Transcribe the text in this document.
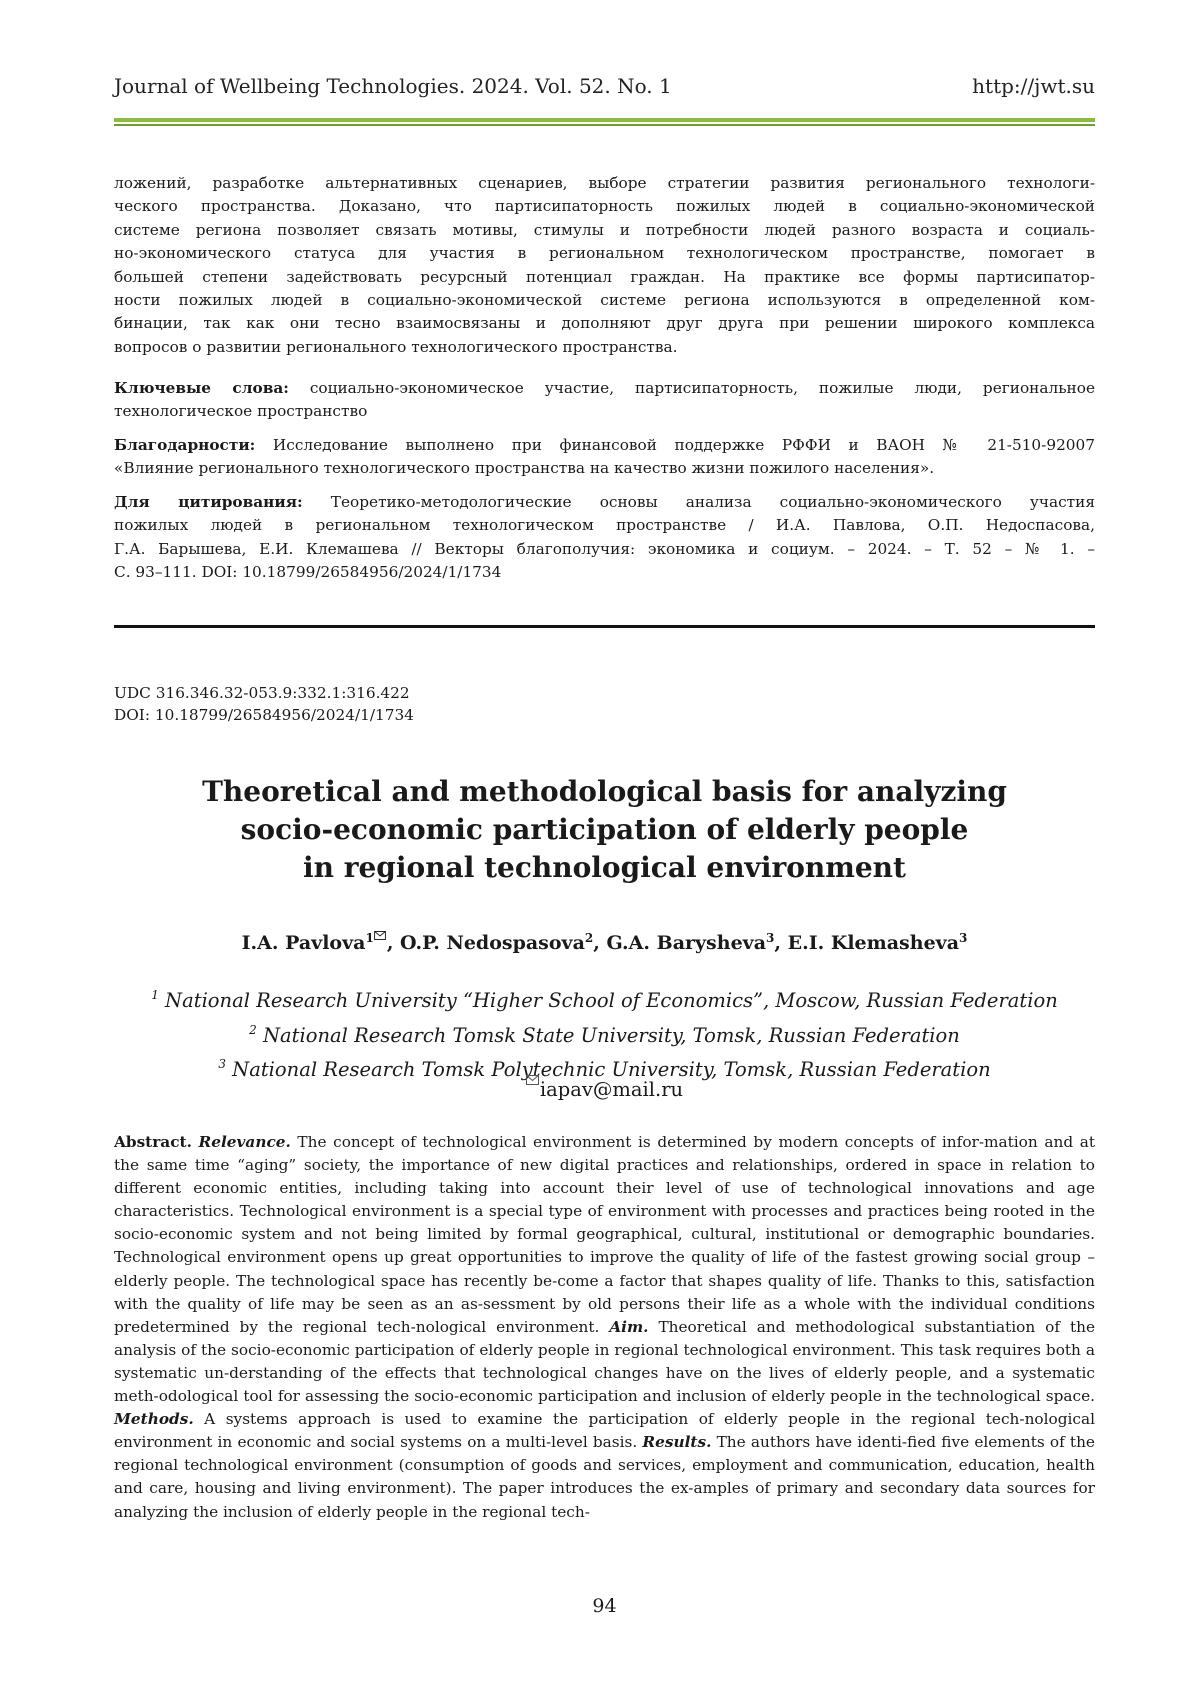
Journal of Wellbeing Technologies. 2024. Vol. 52. No. 1	http://jwt.su
ложений, разработке альтернативных сценариев, выборе стратегии развития регионального технологи-
ческого пространства. Доказано, что партисипаторность пожилых людей в социально-экономической
системе региона позволяет связать мотивы, стимулы и потребности людей разного возраста и социаль-
но-экономического статуса для участия в региональном технологическом пространстве, помогает в
большей степени задействовать ресурсный потенциал граждан. На практике все формы партисипатор-
ности пожилых людей в социально-экономической системе региона используются в определенной ком-
бинации, так как они тесно взаимосвязаны и дополняют друг друга при решении широкого комплекса
вопросов о развитии регионального технологического пространства.
Ключевые слова: социально-экономическое участие, партисипаторность, пожилые люди, региональное
технологическое пространство
Благодарности: Исследование выполнено при финансовой поддержке РФФИ и ВАОН № 21-510-92007
«Влияние регионального технологического пространства на качество жизни пожилого населения».
Для цитирования: Теоретико-методологические основы анализа социально-экономического участия
пожилых людей в региональном технологическом пространстве / И.А. Павлова, О.П. Недоспасова,
Г.А. Барышева, Е.И. Клемашева // Векторы благополучия: экономика и социум. – 2024. – Т. 52 – № 1. –
С. 93–111. DOI: 10.18799/26584956/2024/1/1734
UDC 316.346.32-053.9:332.1:316.422
DOI: 10.18799/26584956/2024/1/1734
Theoretical and methodological basis for analyzing
socio-economic participation of elderly people
in regional technological environment
I.A. Pavlova$^1$ , O.P. Nedospasova$^2$, G.A. Barysheva$^3$, E.I. Klemasheva$^3$
$^1$ National Research University “Higher School of Economics”, Moscow, Russian Federation
$^2$ National Research Tomsk State University, Tomsk, Russian Federation
$^3$ National Research Tomsk Polytechnic University, Tomsk, Russian Federation
iapav@mail.ru
Abstract. Relevance. The concept of technological environment is determined by modern concepts of infor-mation and at the same time “aging” society, the importance of new digital practices and relationships, ordered in space in relation to different economic entities, including taking into account their level of use of technological innovations and age characteristics. Technological environment is a special type of environment with processes and practices being rooted in the socio-economic system and not being limited by formal geographical, cultural, institutional or demographic boundaries. Technological environment opens up great opportunities to improve the quality of life of the fastest growing social group – elderly people. The technological space has recently be-come a factor that shapes quality of life. Thanks to this, satisfaction with the quality of life may be seen as an as-sessment by old persons their life as a whole with the individual conditions predetermined by the regional tech-nological environment. Aim. Theoretical and methodological substantiation of the analysis of the socio-economic participation of elderly people in regional technological environment. This task requires both a systematic un-derstanding of the effects that technological changes have on the lives of elderly people, and a systematic meth-odological tool for assessing the socio-economic participation and inclusion of elderly people in the technological space. Methods. A systems approach is used to examine the participation of elderly people in the regional tech-nological environment in economic and social systems on a multi-level basis. Results. The authors have identi-fied five elements of the regional technological environment (consumption of goods and services, employment and communication, education, health and care, housing and living environment). The paper introduces the ex-amples of primary and secondary data sources for analyzing the inclusion of elderly people in the regional tech-
94
